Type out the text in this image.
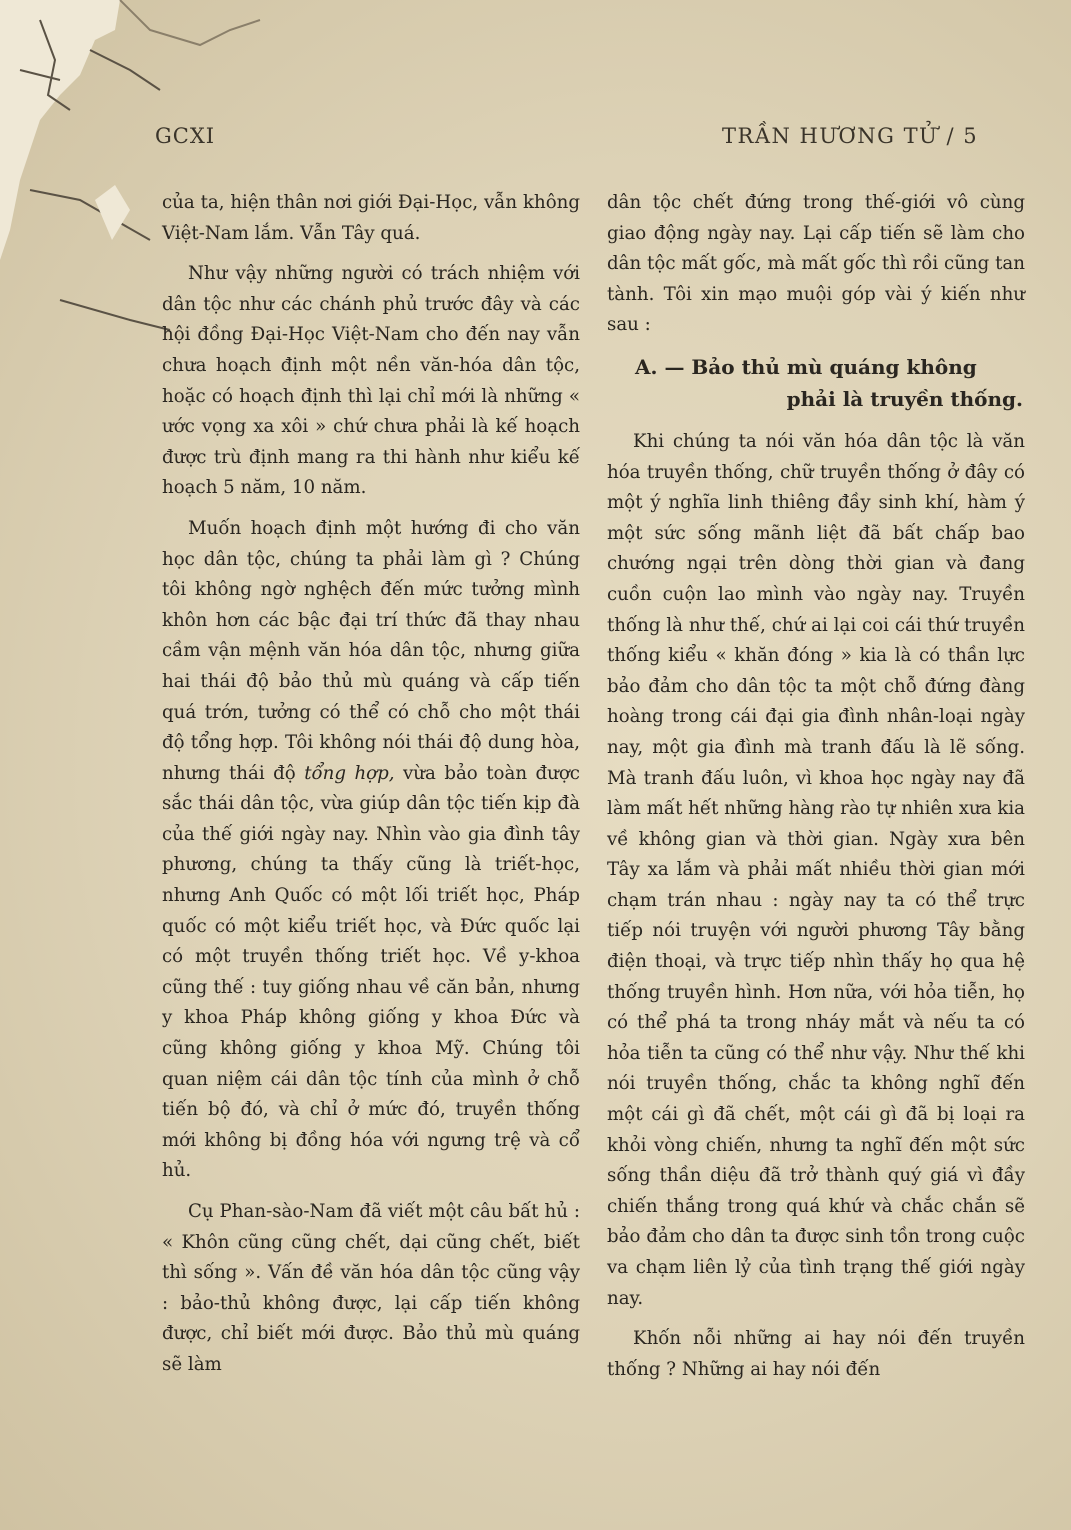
GCXI	TRẦN HƯƠNG TỬ / 5

của ta, hiện thân nơi giới Đại-Học, vẫn không Việt-Nam lắm. Vẫn Tây quá.

Như vậy những người có trách nhiệm với dân tộc như các chánh phủ trước đây và các hội đồng Đại-Học Việt-Nam cho đến nay vẫn chưa hoạch định một nền văn-hóa dân tộc, hoặc có hoạch định thì lại chỉ mới là những « ước vọng xa xôi » chứ chưa phải là kế hoạch được trù định mang ra thi hành như kiểu kế hoạch 5 năm, 10 năm.

Muốn hoạch định một hướng đi cho văn học dân tộc, chúng ta phải làm gì ? Chúng tôi không ngờ nghệch đến mức tưởng mình khôn hơn các bậc đại trí thức đã thay nhau cầm vận mệnh văn hóa dân tộc, nhưng giữa hai thái độ bảo thủ mù quáng và cấp tiến quá trớn, tưởng có thể có chỗ cho một thái độ tổng hợp. Tôi không nói thái độ dung hòa, nhưng thái độ tổng hợp, vừa bảo toàn được sắc thái dân tộc, vừa giúp dân tộc tiến kịp đà của thế giới ngày nay. Nhìn vào gia đình tây phương, chúng ta thấy cũng là triết-học, nhưng Anh Quốc có một lối triết học, Pháp quốc có một kiểu triết học, và Đức quốc lại có một truyền thống triết học. Về y-khoa cũng thế : tuy giống nhau về căn bản, nhưng y khoa Pháp không giống y khoa Đức và cũng không giống y khoa Mỹ. Chúng tôi quan niệm cái dân tộc tính của mình ở chỗ tiến bộ đó, và chỉ ở mức đó, truyền thống mới không bị đồng hóa với ngưng trệ và cổ hủ.

Cụ Phan-sào-Nam đã viết một câu bất hủ : « Khôn cũng cũng chết, dại cũng chết, biết thì sống ». Vấn đề văn hóa dân tộc cũng vậy : bảo-thủ không được, lại cấp tiến không được, chỉ biết mới được. Bảo thủ mù quáng sẽ làm

dân tộc chết đứng trong thế-giới vô cùng giao động ngày nay. Lại cấp tiến sẽ làm cho dân tộc mất gốc, mà mất gốc thì rồi cũng tan tành. Tôi xin mạo muội góp vài ý kiến như sau :

A. — Bảo thủ mù quáng không
phải là truyền thống.

Khi chúng ta nói văn hóa dân tộc là văn hóa truyền thống, chữ truyền thống ở đây có một ý nghĩa linh thiêng đầy sinh khí, hàm ý một sức sống mãnh liệt đã bất chấp bao chướng ngại trên dòng thời gian và đang cuồn cuộn lao mình vào ngày nay. Truyền thống là như thế, chứ ai lại coi cái thứ truyền thống kiểu « khăn đóng » kia là có thần lực bảo đảm cho dân tộc ta một chỗ đứng đàng hoàng trong cái đại gia đình nhân-loại ngày nay, một gia đình mà tranh đấu là lẽ sống. Mà tranh đấu luôn, vì khoa học ngày nay đã làm mất hết những hàng rào tự nhiên xưa kia về không gian và thời gian. Ngày xưa bên Tây xa lắm và phải mất nhiều thời gian mới chạm trán nhau : ngày nay ta có thể trực tiếp nói truyện với người phương Tây bằng điện thoại, và trực tiếp nhìn thấy họ qua hệ thống truyền hình. Hơn nữa, với hỏa tiễn, họ có thể phá ta trong nháy mắt và nếu ta có hỏa tiễn ta cũng có thể như vậy. Như thế khi nói truyền thống, chắc ta không nghĩ đến một cái gì đã chết, một cái gì đã bị loại ra khỏi vòng chiến, nhưng ta nghĩ đến một sức sống thần diệu đã trở thành quý giá vì đầy chiến thắng trong quá khứ và chắc chắn sẽ bảo đảm cho dân ta được sinh tồn trong cuộc va chạm liên lỷ của tình trạng thế giới ngày nay.

Khốn nỗi những ai hay nói đến truyền thống ? Những ai hay nói đến
